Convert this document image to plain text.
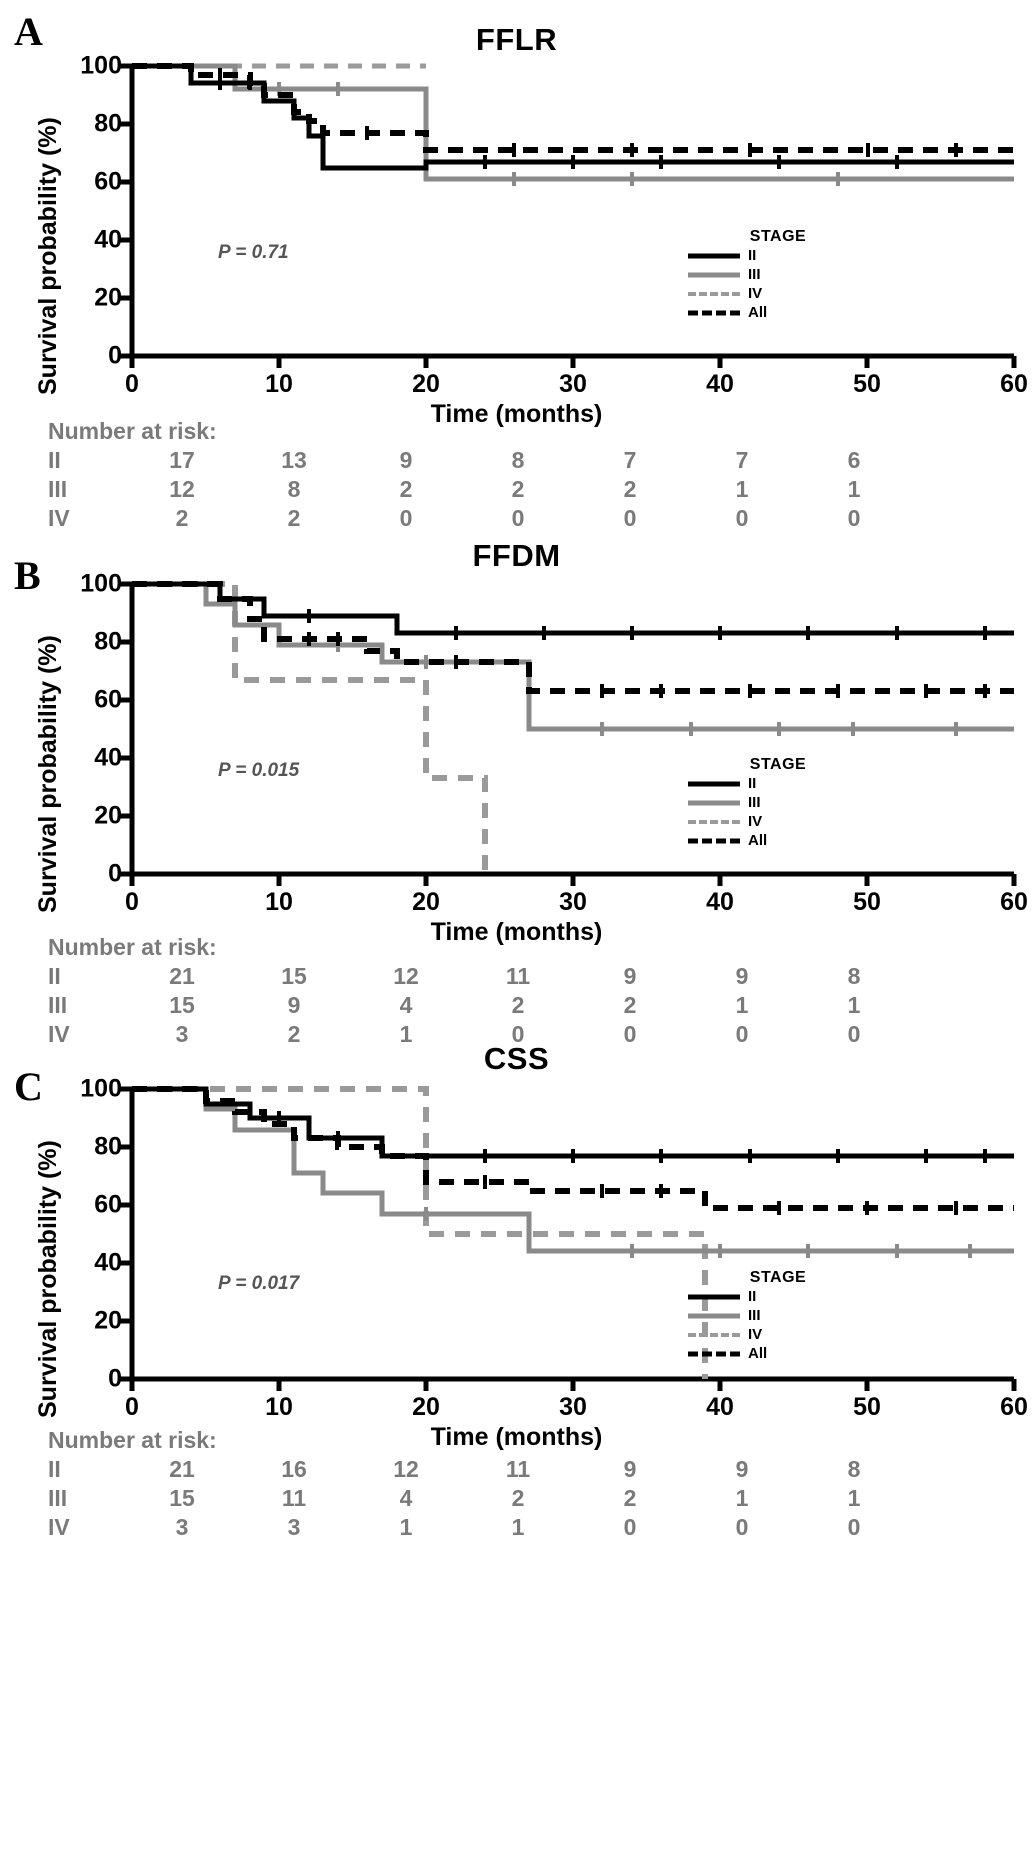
A	FFLR
Survival probability (%)
100
80
60
40
20
0
0	10	20	30	40	50	60
Time (months)
P = 0.71
STAGE
II
III
IV
All
Number at risk:
II	17	13	9	8	7	7	6
III	12	8	2	2	2	1	1
IV	2	2	0	0	0	0	0
B	FFDM
Survival probability (%)
100
80
60
40
20
0
0	10	20	30	40	50	60
Time (months)
P = 0.015	STAGE
II
III
IV
All
Number at risk:
II	21	15	12	11	9	9	8
III	15	9	4	2	2	1	1
IV	3	2	1	0	0	0	0
C
CSS
Survival probability (%)
100
80
60
40
20
0
0	10	20	30	40	50	60
Time (months)
P = 0.017	STAGE
II
III
IV
All
Number at risk:
II	21	16	12	11	9	9	8
III	15	11	4	2	2	1	1
IV	3	3	1	1	0	0	0
